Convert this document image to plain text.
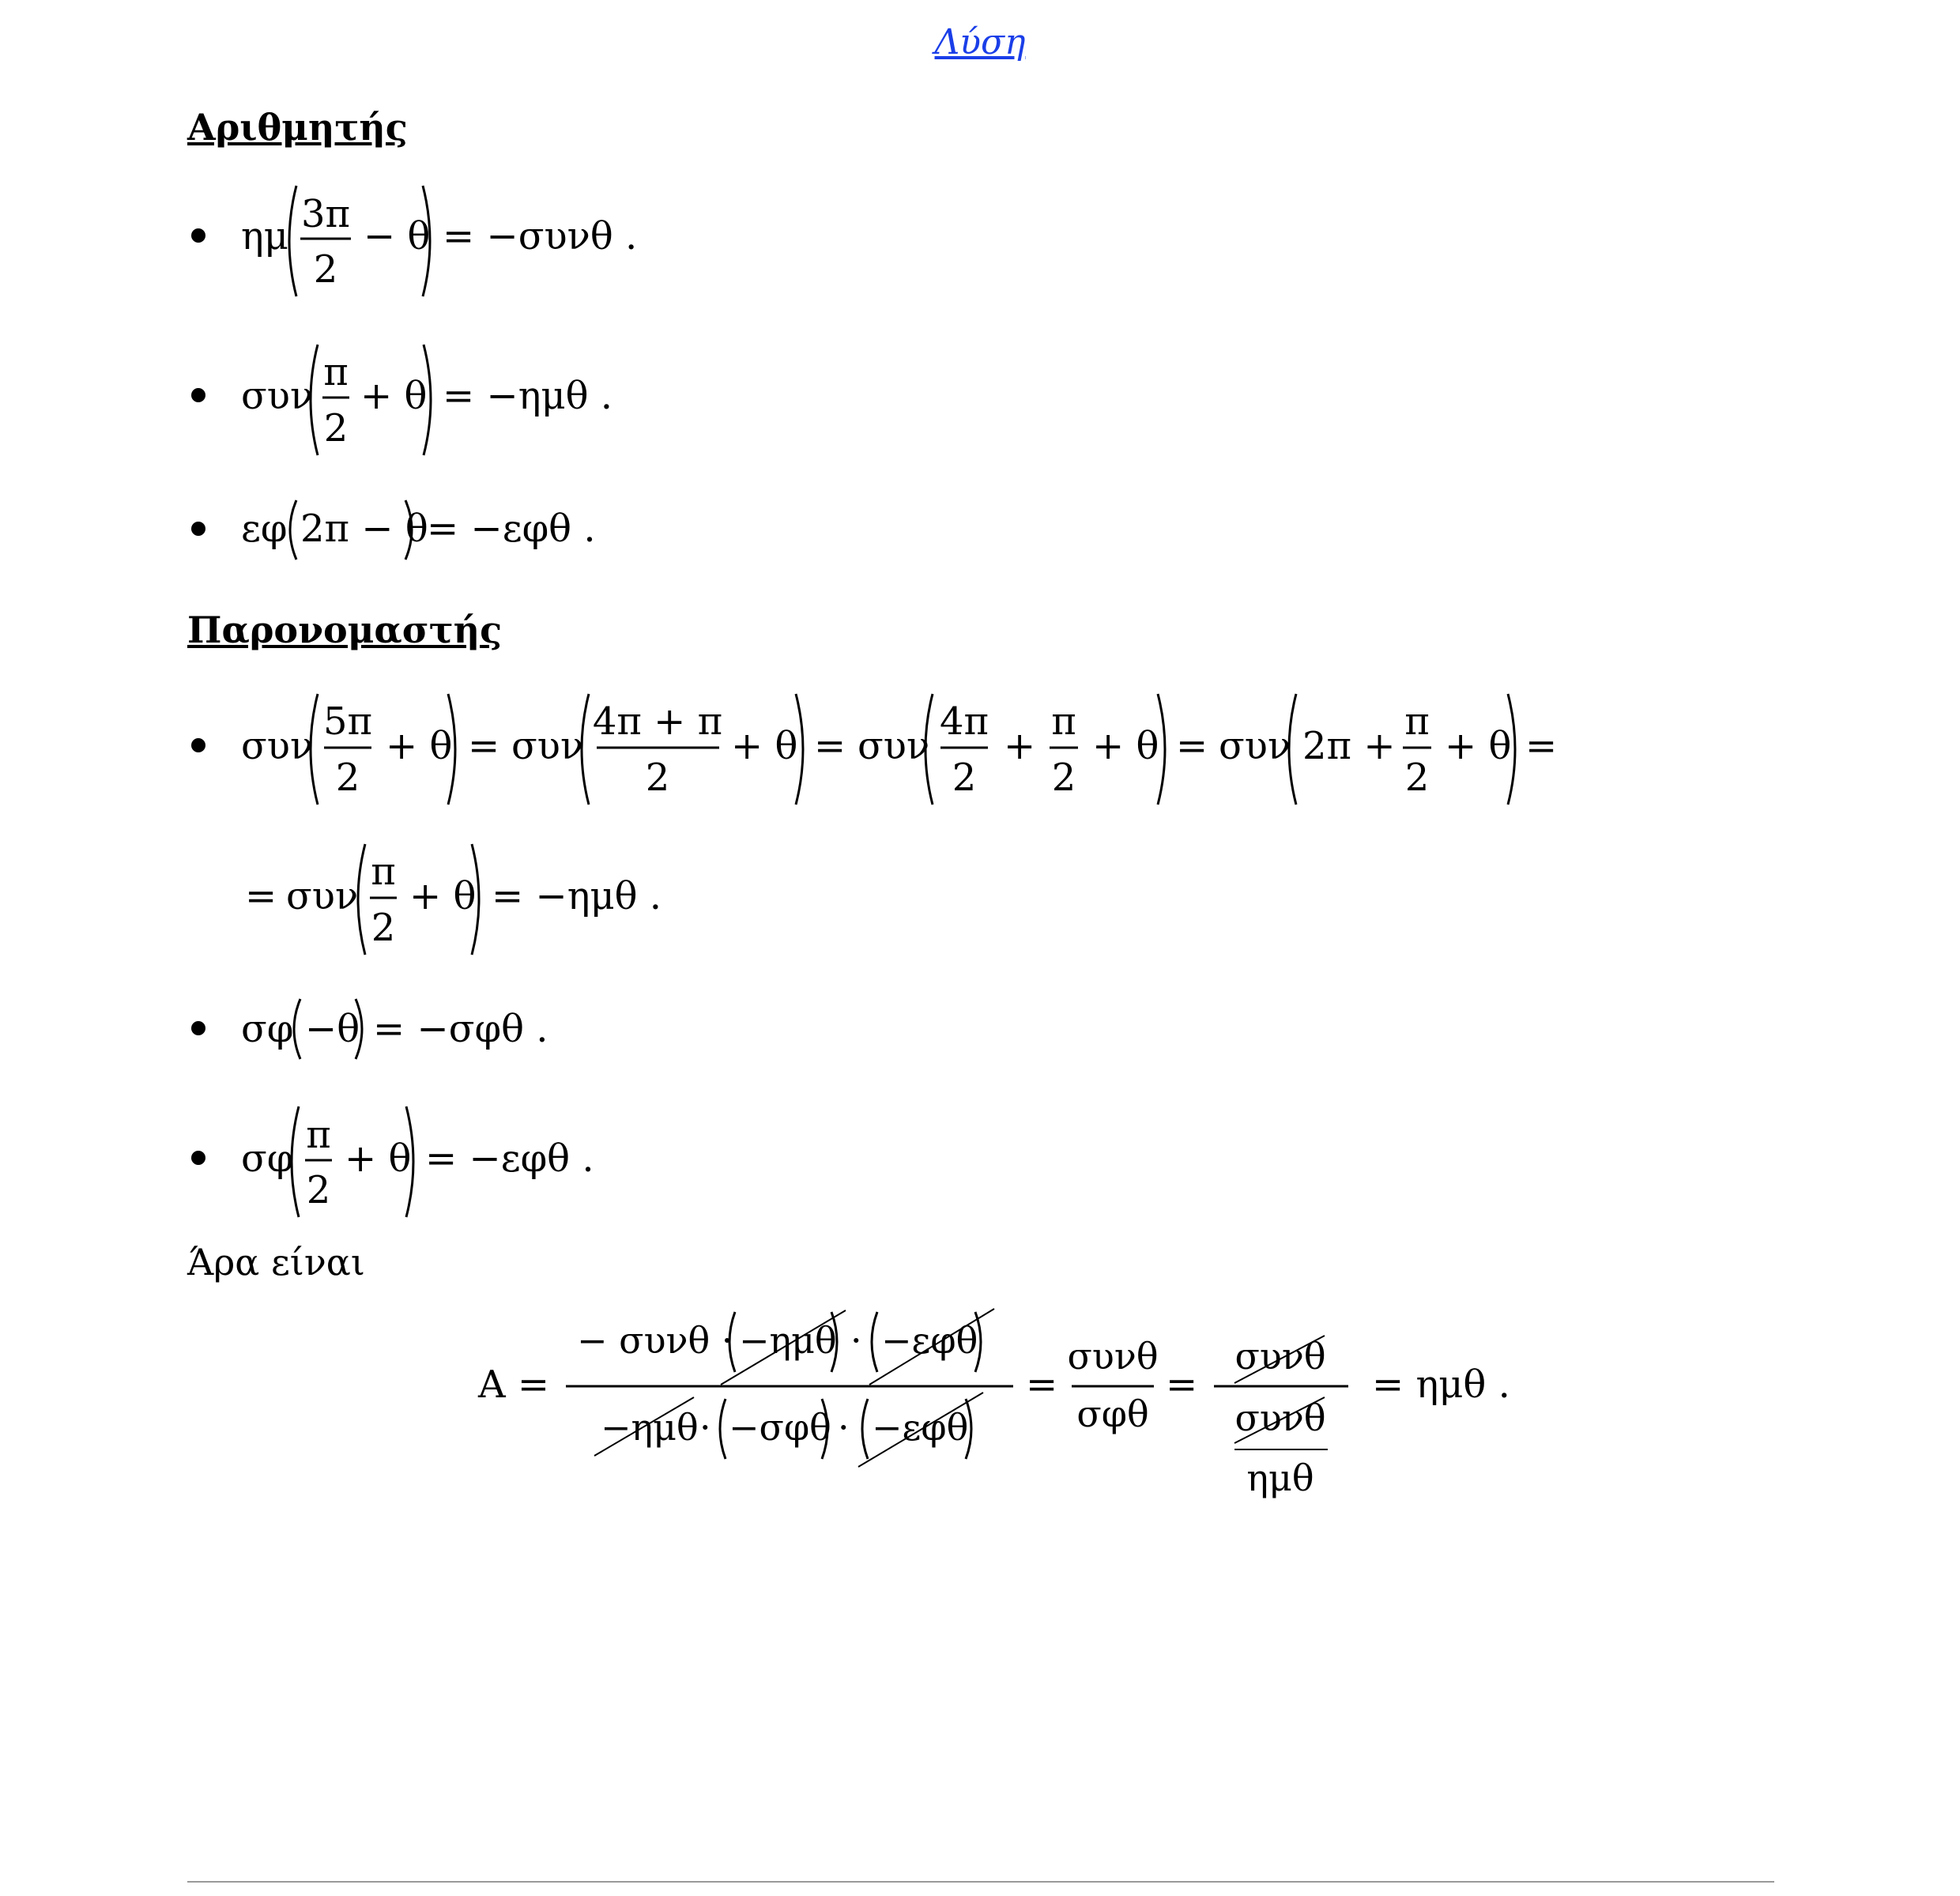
Λύση
Αριθμητής
Παρονομαστής
Άρα είναι
ημ 3π
2
− θ = −συνθ .
συν
π
2
+ θ = −ημθ .
εφ 2π − θ
= −εφθ .
συν
5π
2
+ θ = συν
4π + π
2
+ θ = συν
4π
2
+
π
2
+ θ = συν 2π +
π
2
+ θ =
= συν
π
2
+ θ = −ημθ .
σφ −θ = −σφθ .
σφ
π
2
+ θ = −εφθ .
Α =
− συνθ · −ημθ · −εφθ
−ημθ · −σφθ · −εφθ
=
συνθ
σφθ
=
συνθ
συνθ
ημθ
= ημθ .
